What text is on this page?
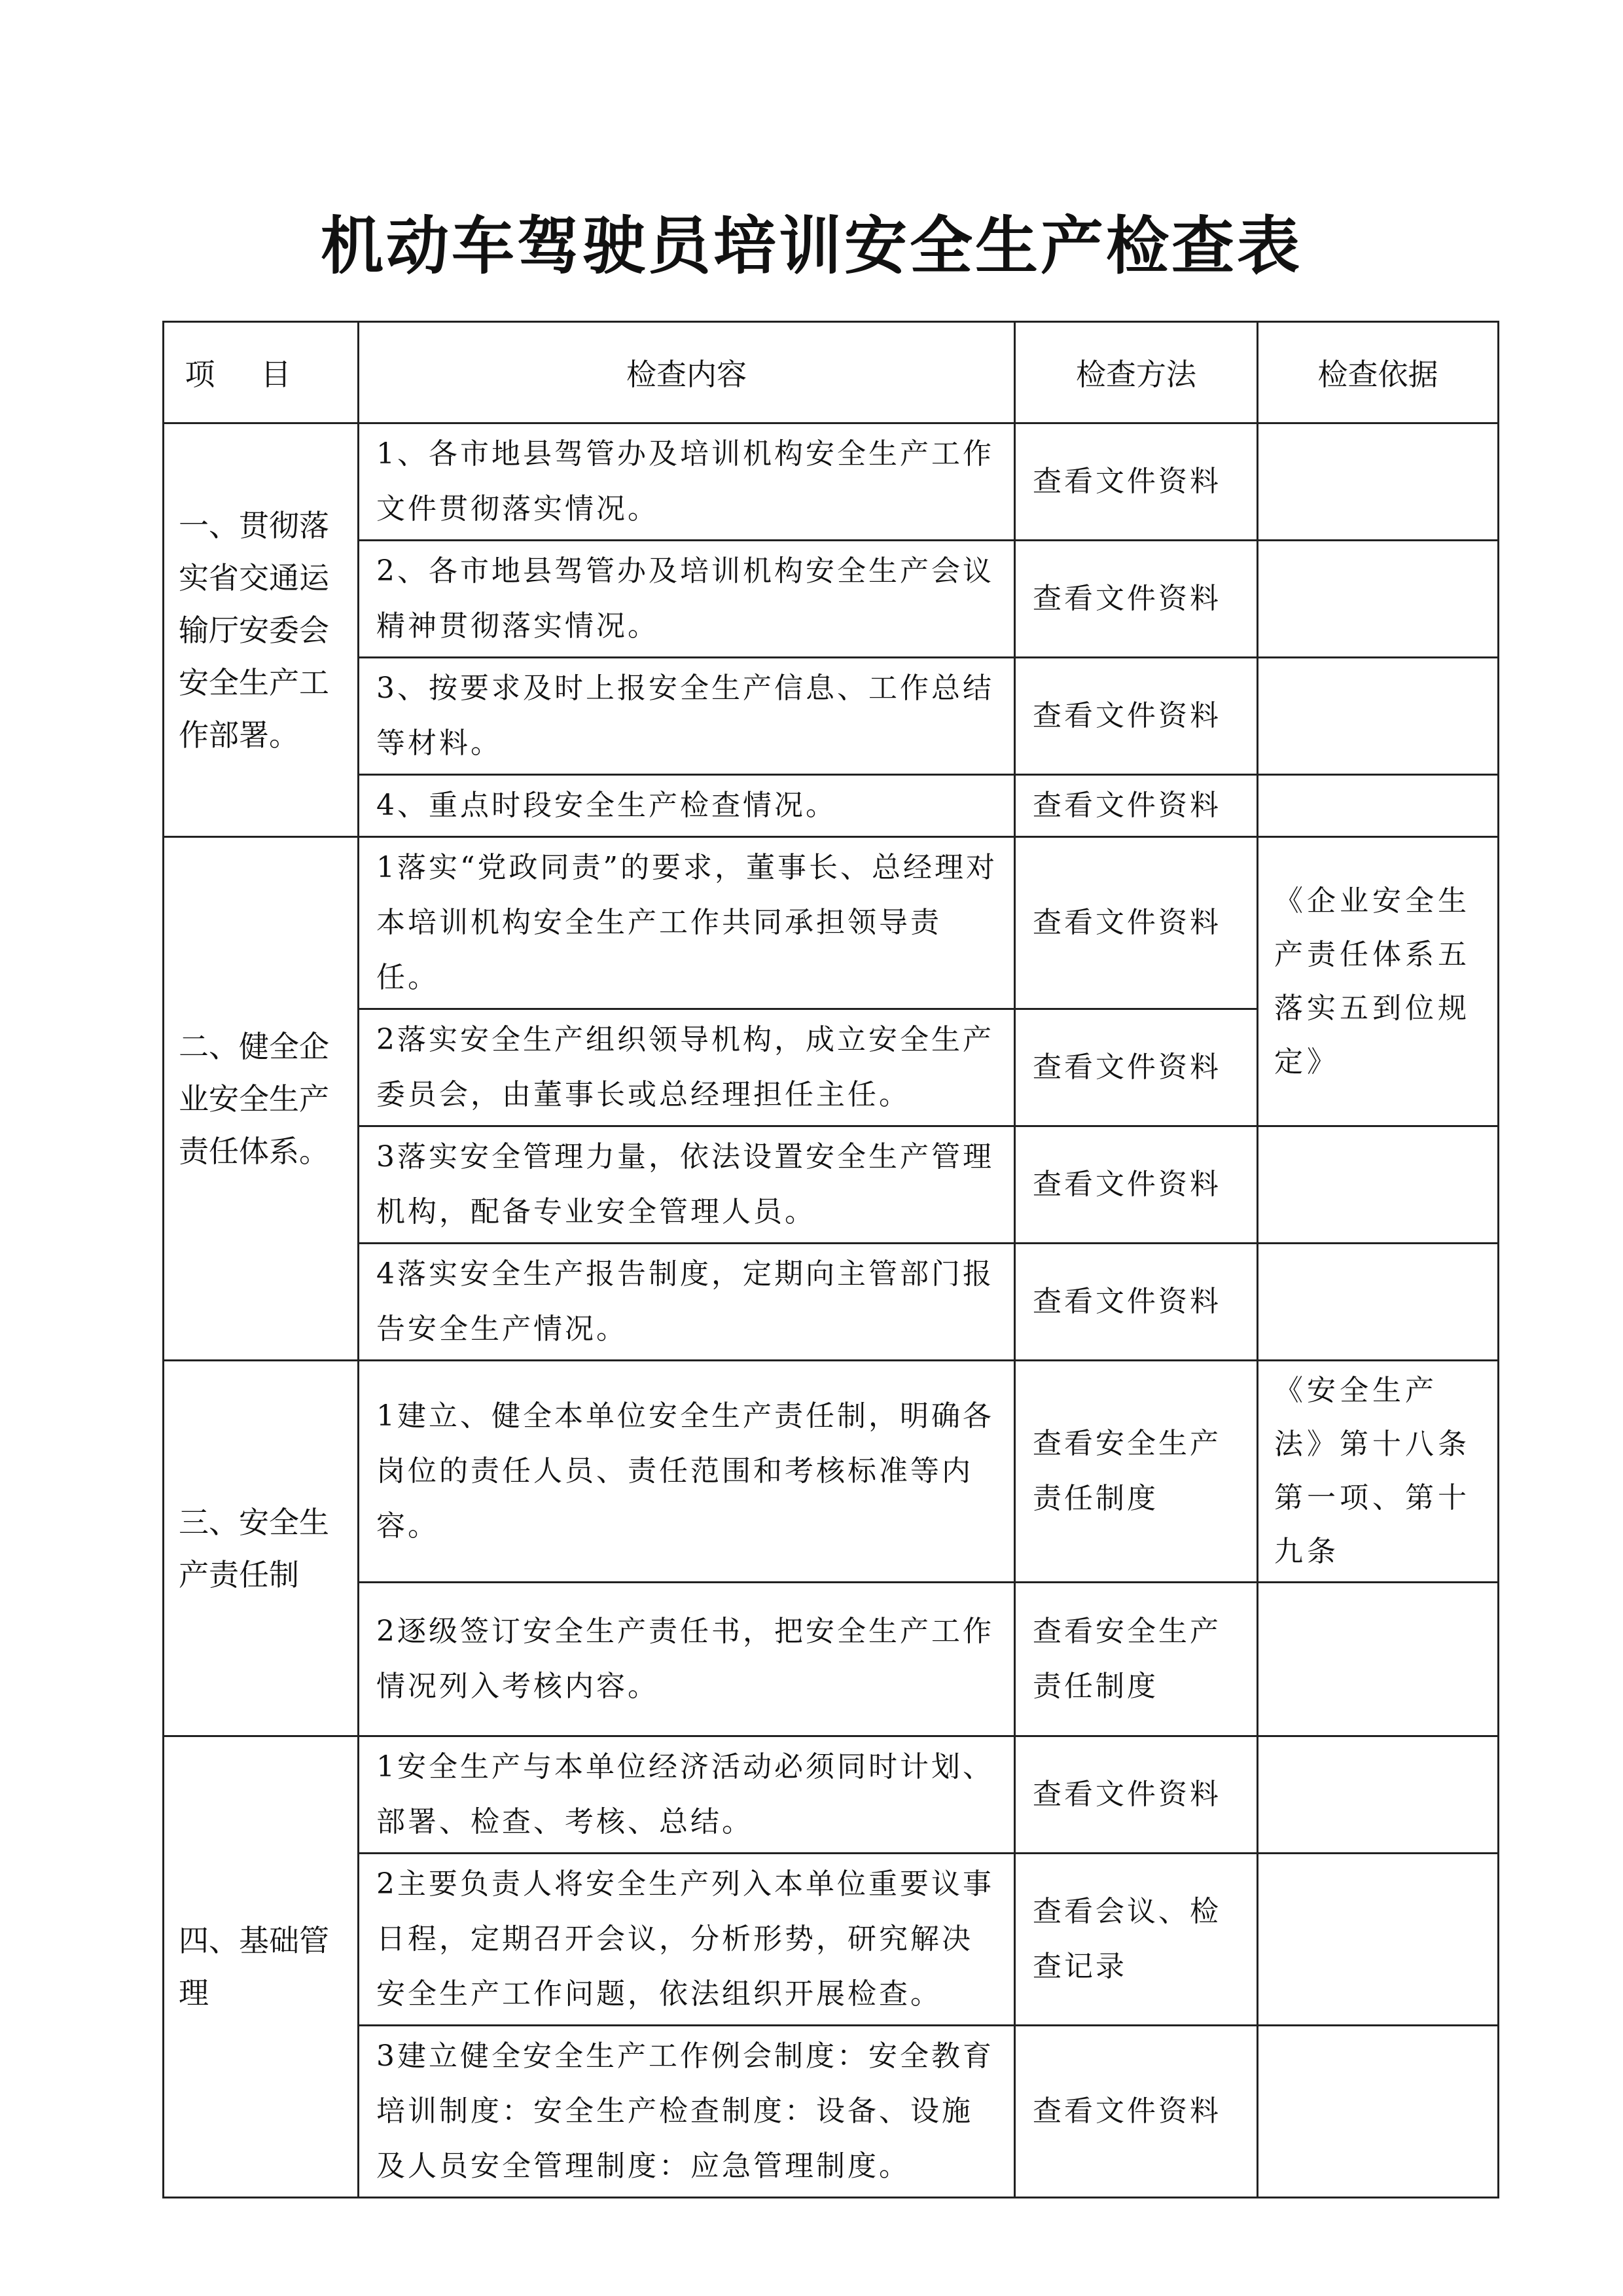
机动车驾驶员培训安全生产检查表
项目	检查内容	检查方法	检查依据
一、贯彻落实省交通运输厅安委会安全生产工作部署。	1、各市地县驾管办及培训机构安全生产工作文件贯彻落实情况。	查看文件资料	
	2、各市地县驾管办及培训机构安全生产会议精神贯彻落实情况。	查看文件资料	
	3、按要求及时上报安全生产信息、工作总结等材料。	查看文件资料	
	4、重点时段安全生产检查情况。	查看文件资料	
二、健全企业安全生产责任体系。	1落实“党政同责”的要求，董事长、总经理对本培训机构安全生产工作共同承担领导责任。	查看文件资料	《企业安全生产责任体系五落实五到位规定》
	2落实安全生产组织领导机构，成立安全生产委员会，由董事长或总经理担任主任。	查看文件资料	
	3落实安全管理力量，依法设置安全生产管理机构，配备专业安全管理人员。	查看文件资料	
	4落实安全生产报告制度，定期向主管部门报告安全生产情况。	查看文件资料	
三、安全生产责任制	1建立、健全本单位安全生产责任制，明确各岗位的责任人员、责任范围和考核标准等内容。	查看安全生产责任制度	《安全生产法》第十八条第一项、第十九条
	2逐级签订安全生产责任书，把安全生产工作情况列入考核内容。	查看安全生产责任制度	
四、基础管理	1安全生产与本单位经济活动必须同时计划、部署、检查、考核、总结。	查看文件资料	
	2主要负责人将安全生产列入本单位重要议事日程，定期召开会议，分析形势，研究解决安全生产工作问题，依法组织开展检查。	查看会议、检查记录	
	3建立健全安全生产工作例会制度：安全教育培训制度：安全生产检查制度：设备、设施及人员安全管理制度：应急管理制度。	查看文件资料	
